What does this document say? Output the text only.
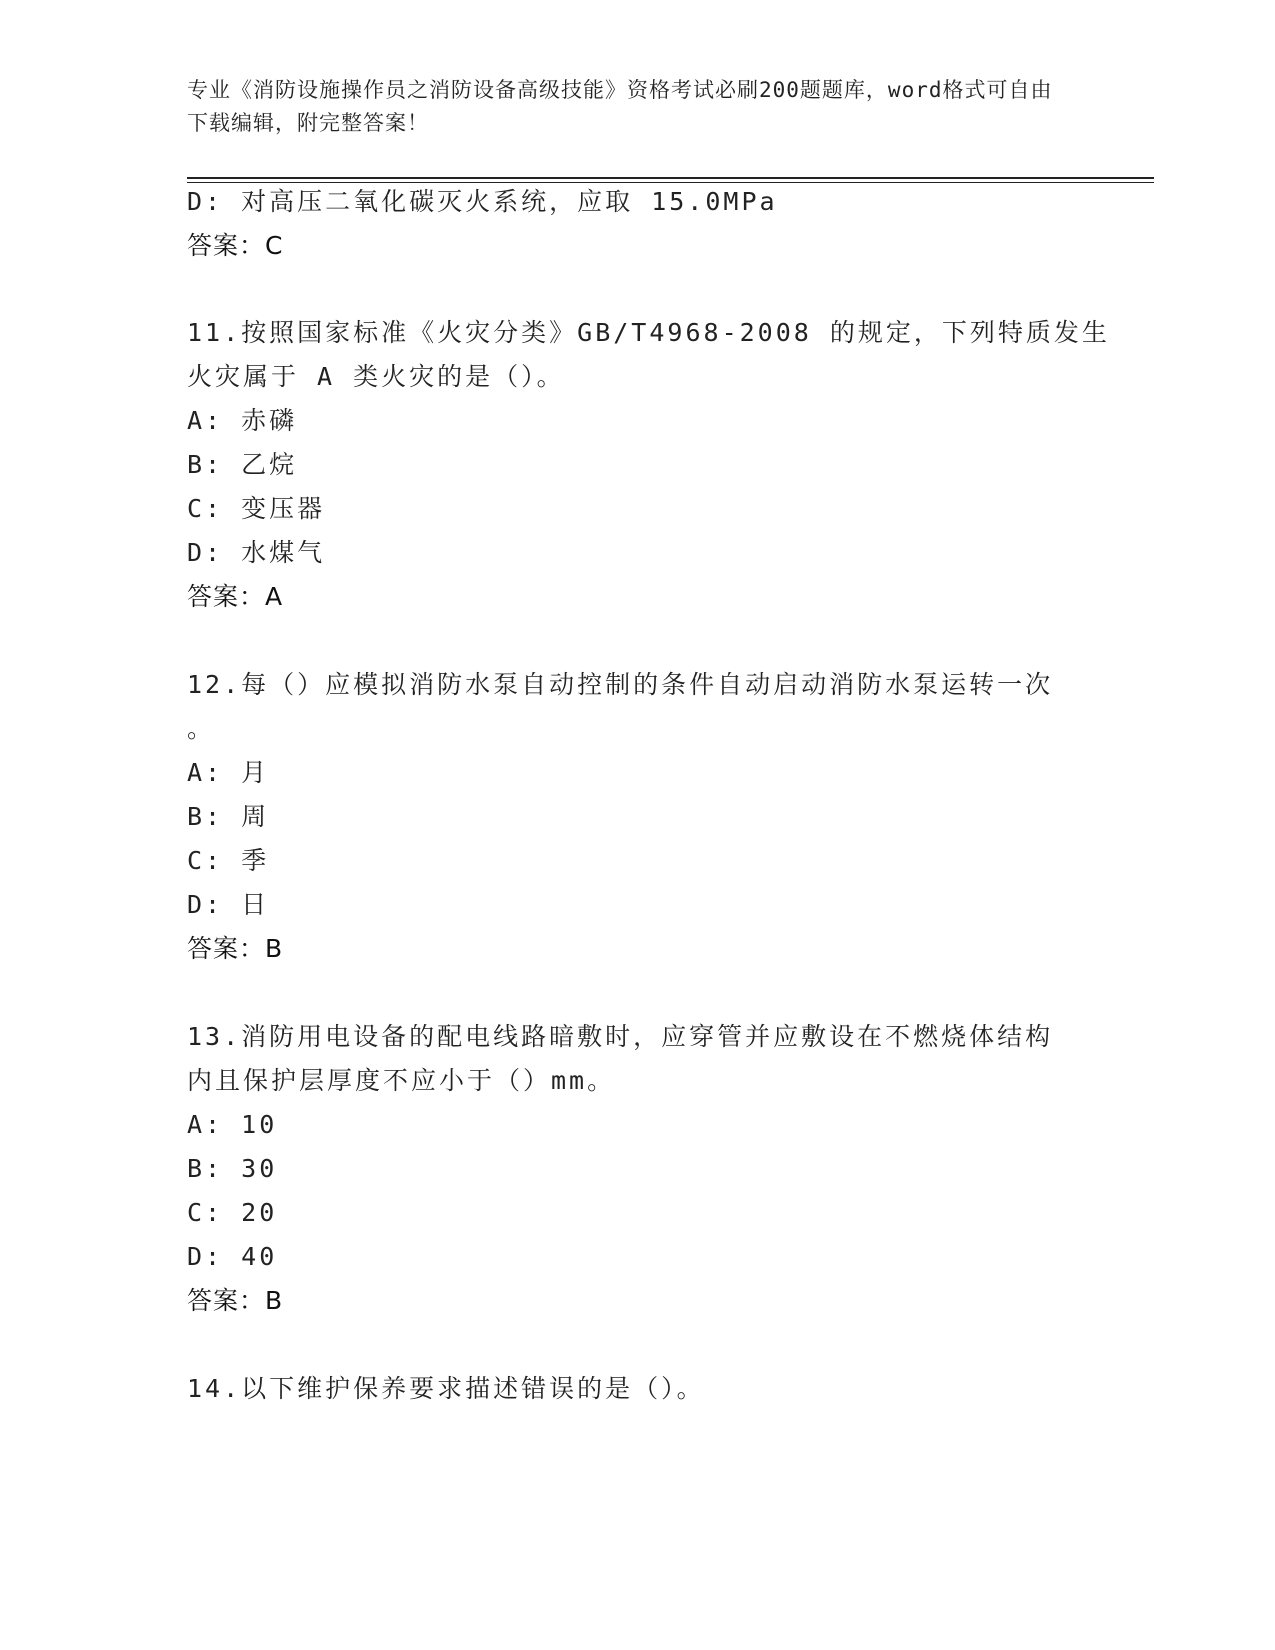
专业《消防设施操作员之消防设备高级技能》资格考试必刷200题题库，word格式可自由下载编辑，附完整答案！
D: 对高压二氧化碳灭火系统，应取 15.0MPa
答案：C
11.按照国家标准《火灾分类》GB/T4968-2008 的规定，下列特质发生
火灾属于 A 类火灾的是（）。
A: 赤磷
B: 乙烷
C: 变压器
D: 水煤气
答案：A
12.每（）应模拟消防水泵自动控制的条件自动启动消防水泵运转一次
。
A: 月
B: 周
C: 季
D: 日
答案：B
13.消防用电设备的配电线路暗敷时，应穿管并应敷设在不燃烧体结构
内且保护层厚度不应小于（）mm。
A: 10
B: 30
C: 20
D: 40
答案：B
14.以下维护保养要求描述错误的是（）。
